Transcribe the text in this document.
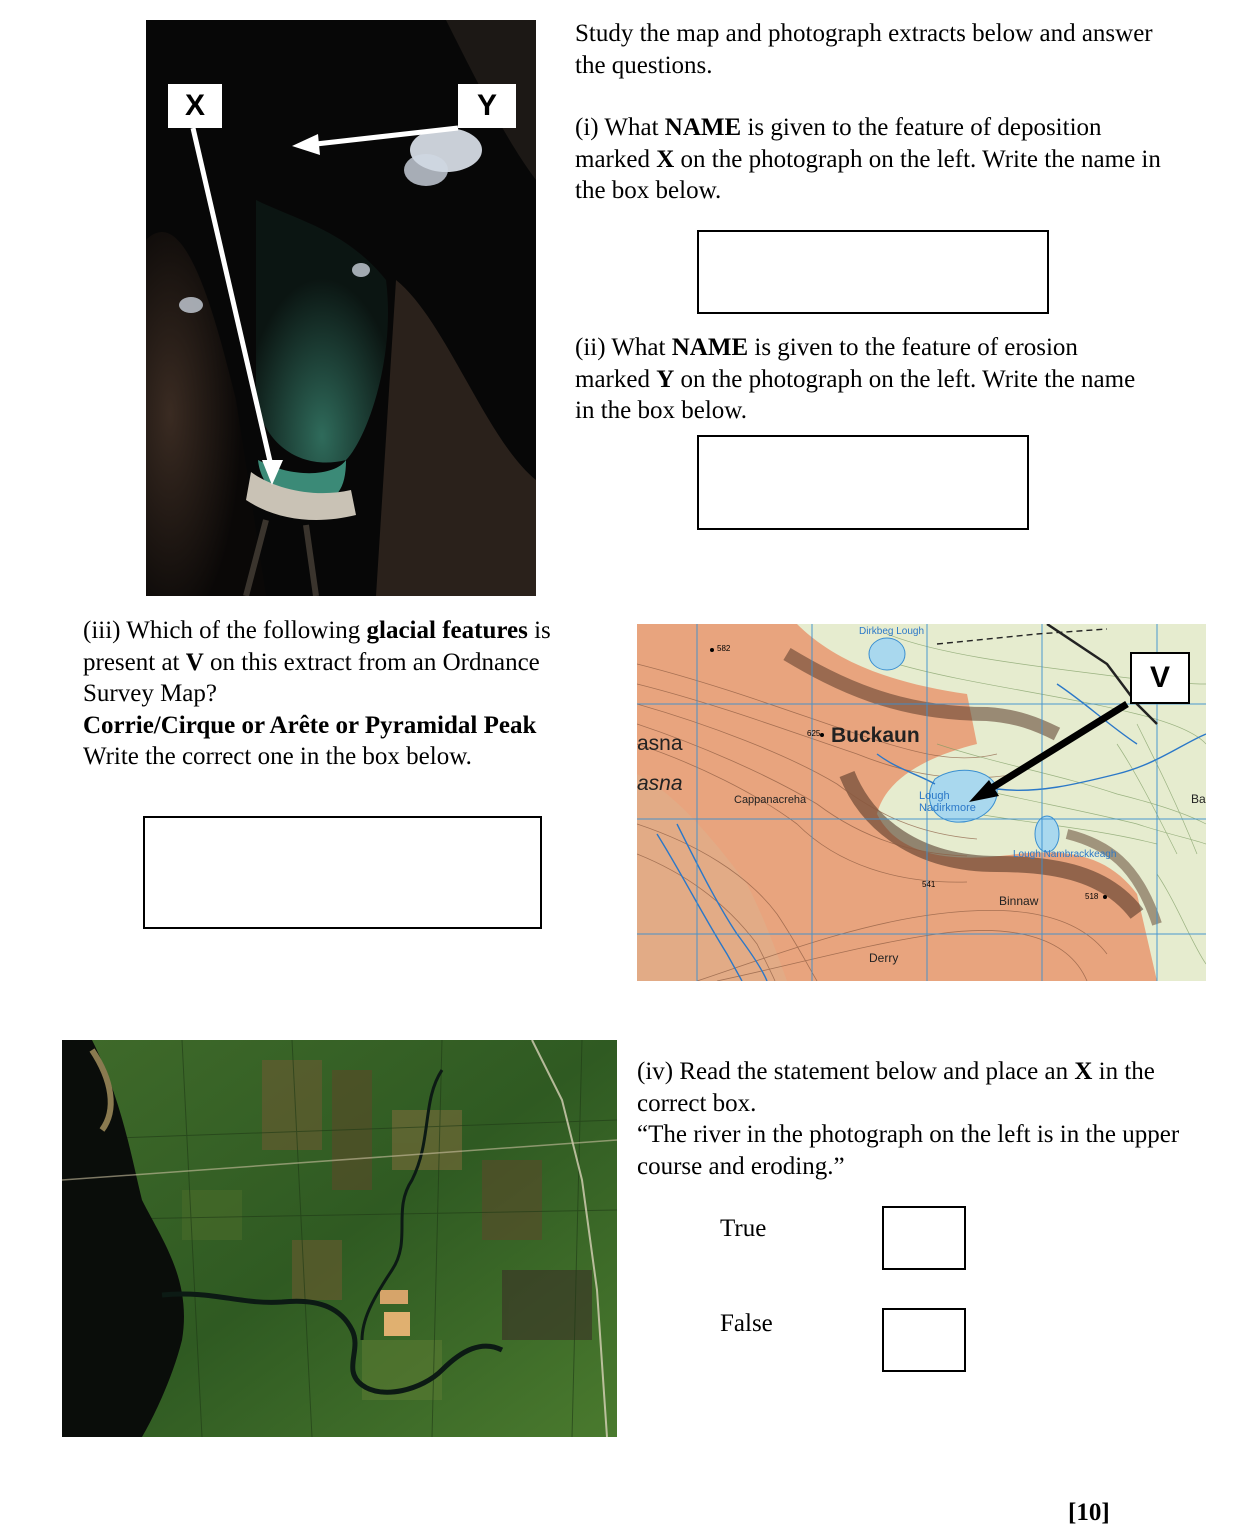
X	Y
Study the map and photograph extracts below and answer the questions.
(i) What NAME is given to the feature of deposition marked X on the photograph on the left. Write the name in the box below.
(ii) What NAME is given to the feature of erosion marked Y on the photograph on the left. Write the name in the box below.
(iii) Which of the following glacial features is present at V on this extract from an Ordnance Survey Map?
Corrie/Cirque or Arête or Pyramidal Peak
Write the correct one in the box below.
Dirkbeg Lough
582
625 Buckaun
asna
asna
Cappanacreha	Lough
Nadirkmore
Lough Nambrackkeagh
541
518
Binnaw
Derry
Ba
V
(iv) Read the statement below and place an X in the correct box.
“The river in the photograph on the left is in the upper course and eroding.”
True
False
[10]
